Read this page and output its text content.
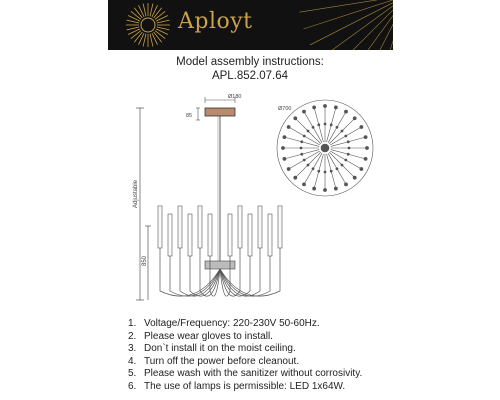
Aployt
Model assembly instructions:
APL.852.07.64
Adjustable
850
Ø180
85
Ø700
1. Voltage/Frequency: 220-230V 50-60Hz.
2. Please wear gloves to install.
3. Don`t install it on the moist ceiling.
4. Turn off the power before cleanout.
5. Please wash with the sanitizer without corrosivity.
6. The use of lamps is permissible: LED 1x64W.
